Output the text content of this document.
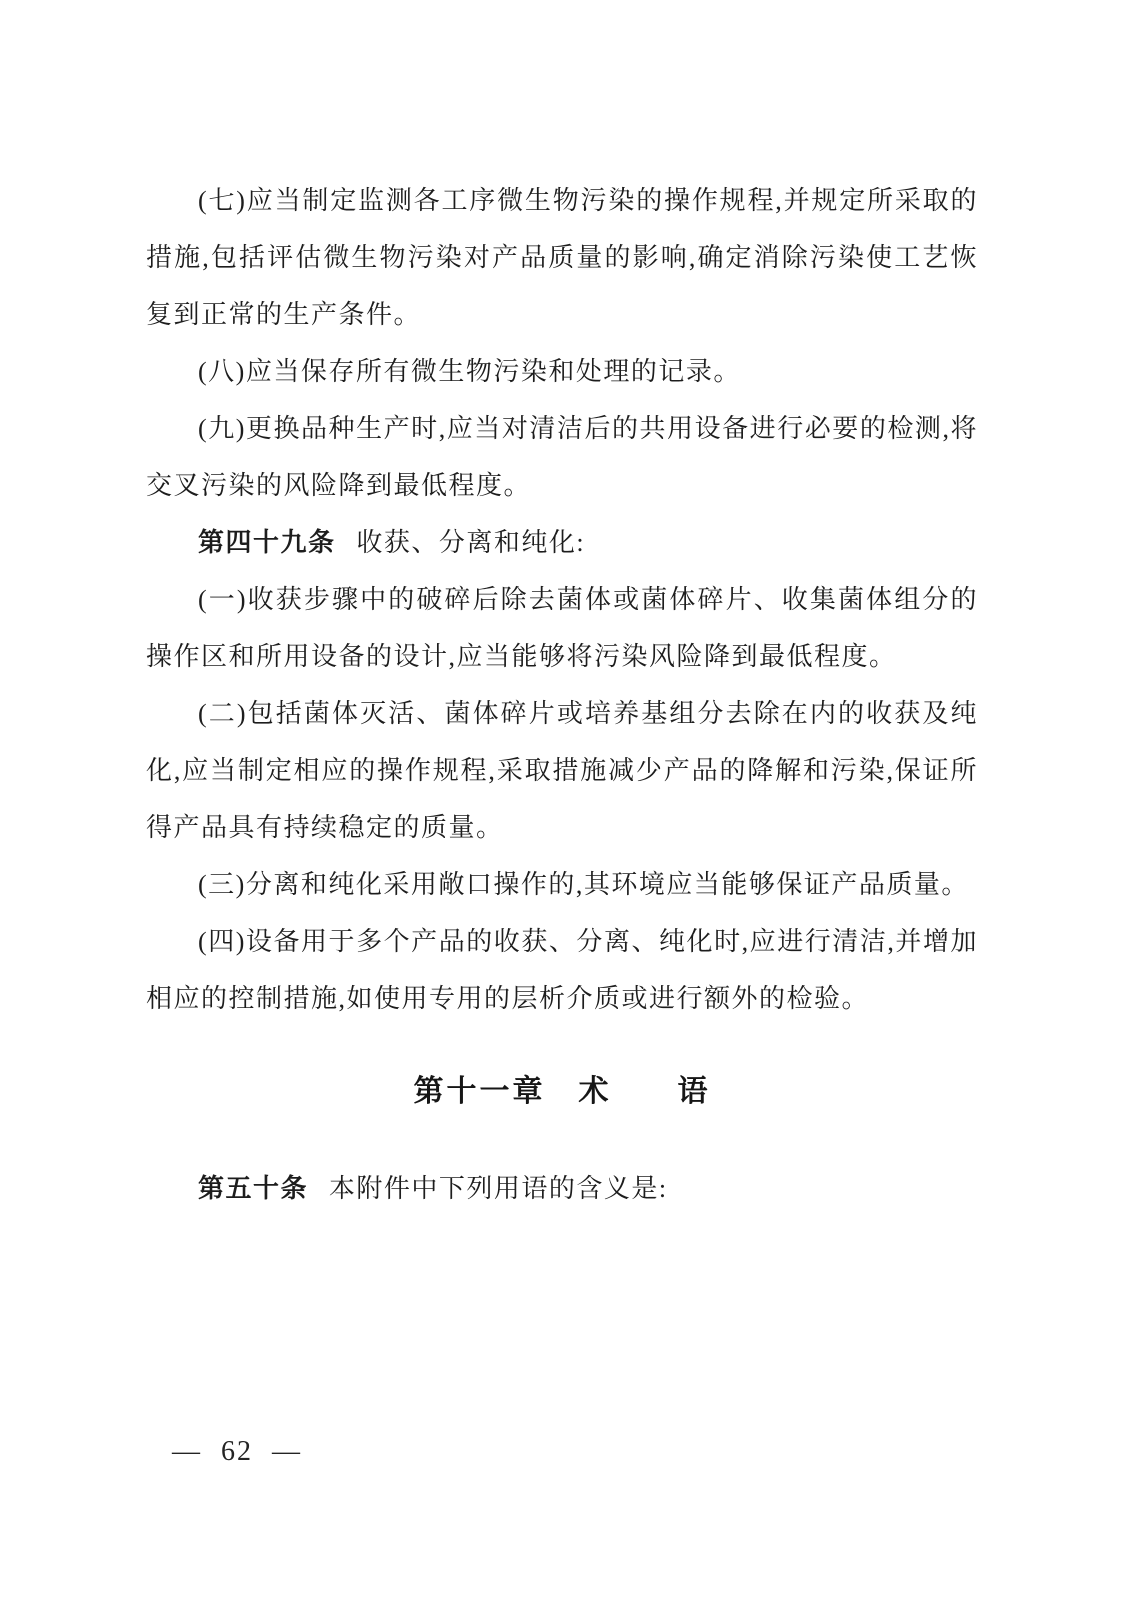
(七)应当制定监测各工序微生物污染的操作规程,并规定所采取的措施,包括评估微生物污染对产品质量的影响,确定消除污染使工艺恢复到正常的生产条件。

(八)应当保存所有微生物污染和处理的记录。

(九)更换品种生产时,应当对清洁后的共用设备进行必要的检测,将交叉污染的风险降到最低程度。

第四十九条 收获、分离和纯化:

(一)收获步骤中的破碎后除去菌体或菌体碎片、收集菌体组分的操作区和所用设备的设计,应当能够将污染风险降到最低程度。

(二)包括菌体灭活、菌体碎片或培养基组分去除在内的收获及纯化,应当制定相应的操作规程,采取措施减少产品的降解和污染,保证所得产品具有持续稳定的质量。

(三)分离和纯化采用敞口操作的,其环境应当能够保证产品质量。

(四)设备用于多个产品的收获、分离、纯化时,应进行清洁,并增加相应的控制措施,如使用专用的层析介质或进行额外的检验。

第十一章　术　　语

第五十条 本附件中下列用语的含义是:

— 62 —
